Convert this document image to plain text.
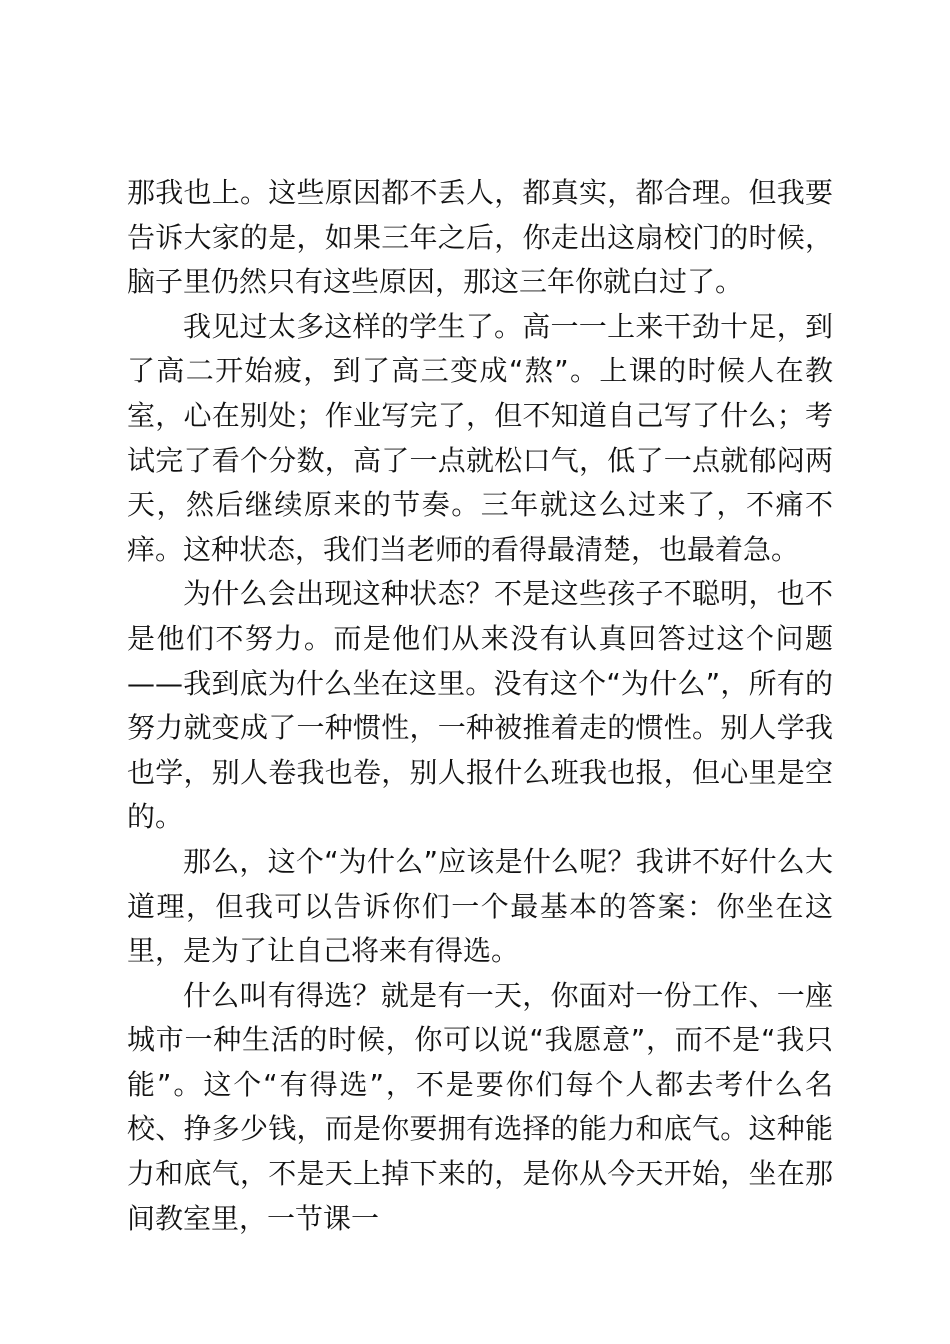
那我也上。这些原因都不丢人，都真实，都合理。但我要告诉大家的是，如果三年之后，你走出这扇校门的时候，脑子里仍然只有这些原因，那这三年你就白过了。

我见过太多这样的学生了。高一一上来干劲十足，到了高二开始疲，到了高三变成“熬”。上课的时候人在教室，心在别处；作业写完了，但不知道自己写了什么；考试完了看个分数，高了一点就松口气，低了一点就郁闷两天，然后继续原来的节奏。三年就这么过来了，不痛不痒。这种状态，我们当老师的看得最清楚，也最着急。

为什么会出现这种状态？不是这些孩子不聪明，也不是他们不努力。而是他们从来没有认真回答过这个问题——我到底为什么坐在这里。没有这个“为什么”，所有的努力就变成了一种惯性，一种被推着走的惯性。别人学我也学，别人卷我也卷，别人报什么班我也报，但心里是空的。

那么，这个“为什么”应该是什么呢？我讲不好什么大道理，但我可以告诉你们一个最基本的答案：你坐在这里，是为了让自己将来有得选。

什么叫有得选？就是有一天，你面对一份工作、一座城市一种生活的时候，你可以说“我愿意”，而不是“我只能”。这个“有得选”，不是要你们每个人都去考什么名校、挣多少钱，而是你要拥有选择的能力和底气。这种能力和底气，不是天上掉下来的，是你从今天开始，坐在那间教室里，一节课一
